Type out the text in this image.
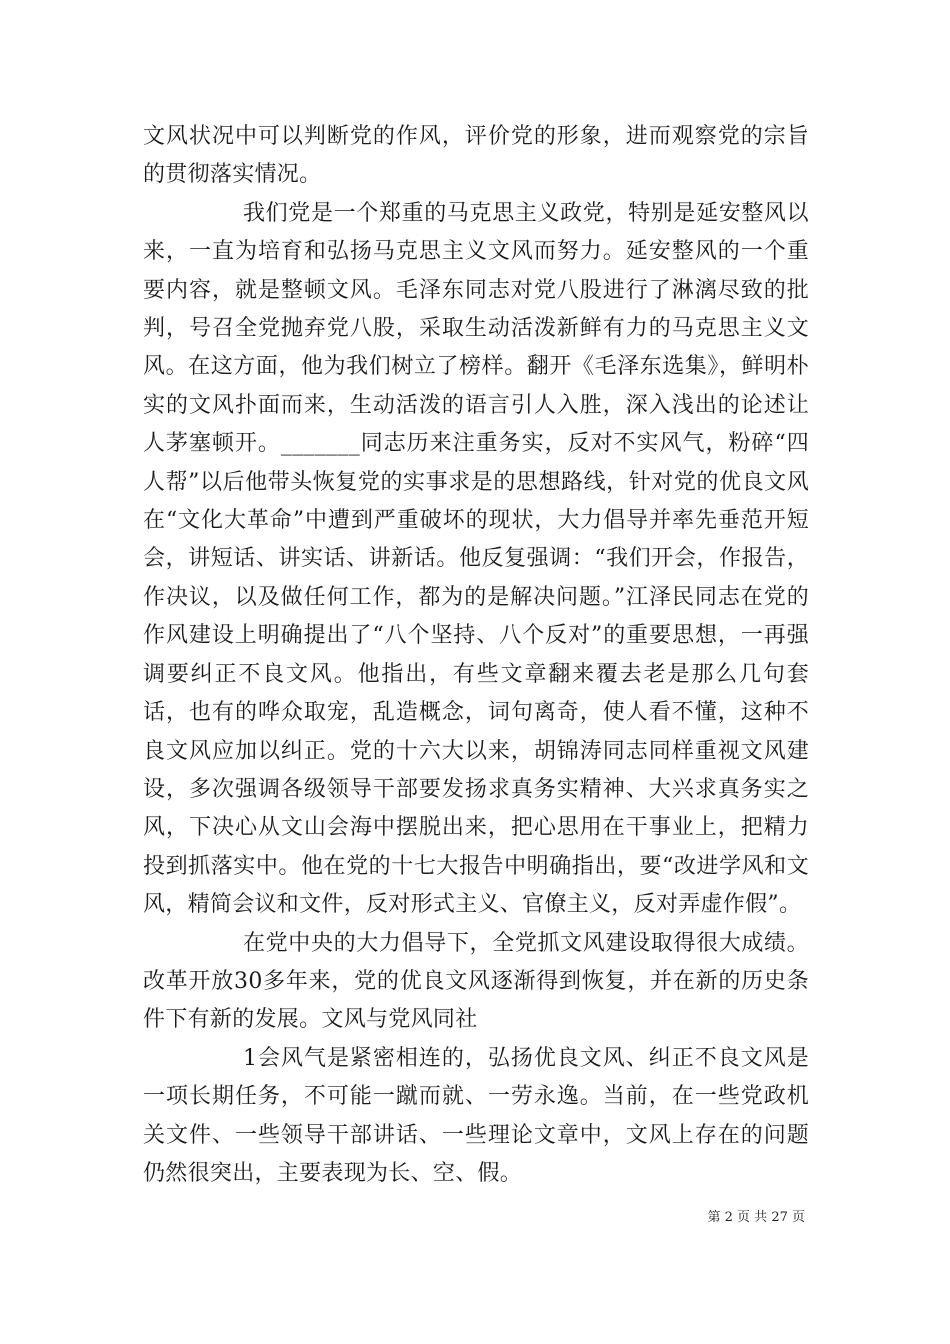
文风状况中可以判断党的作风，评价党的形象，进而观察党的宗旨的贯彻落实情况。

我们党是一个郑重的马克思主义政党，特别是延安整风以来，一直为培育和弘扬马克思主义文风而努力。延安整风的一个重要内容，就是整顿文风。毛泽东同志对党八股进行了淋漓尽致的批判，号召全党抛弃党八股，采取生动活泼新鲜有力的马克思主义文风。在这方面，他为我们树立了榜样。翻开《毛泽东选集》，鲜明朴实的文风扑面而来，生动活泼的语言引人入胜，深入浅出的论述让人茅塞顿开。_______同志历来注重务实，反对不实风气，粉碎“四人帮”以后他带头恢复党的实事求是的思想路线，针对党的优良文风在“文化大革命”中遭到严重破坏的现状，大力倡导并率先垂范开短会，讲短话、讲实话、讲新话。他反复强调：“我们开会，作报告，作决议，以及做任何工作，都为的是解决问题。”江泽民同志在党的作风建设上明确提出了“八个坚持、八个反对”的重要思想，一再强调要纠正不良文风。他指出，有些文章翻来覆去老是那么几句套话，也有的哗众取宠，乱造概念，词句离奇，使人看不懂，这种不良文风应加以纠正。党的十六大以来，胡锦涛同志同样重视文风建设，多次强调各级领导干部要发扬求真务实精神、大兴求真务实之风，下决心从文山会海中摆脱出来，把心思用在干事业上，把精力投到抓落实中。他在党的十七大报告中明确指出，要“改进学风和文风，精简会议和文件，反对形式主义、官僚主义，反对弄虚作假”。

在党中央的大力倡导下，全党抓文风建设取得很大成绩。改革开放30多年来，党的优良文风逐渐得到恢复，并在新的历史条件下有新的发展。文风与党风同社

1会风气是紧密相连的，弘扬优良文风、纠正不良文风是一项长期任务，不可能一蹴而就、一劳永逸。当前，在一些党政机关文件、一些领导干部讲话、一些理论文章中，文风上存在的问题仍然很突出，主要表现为长、空、假。

第 2 页 共 27 页
